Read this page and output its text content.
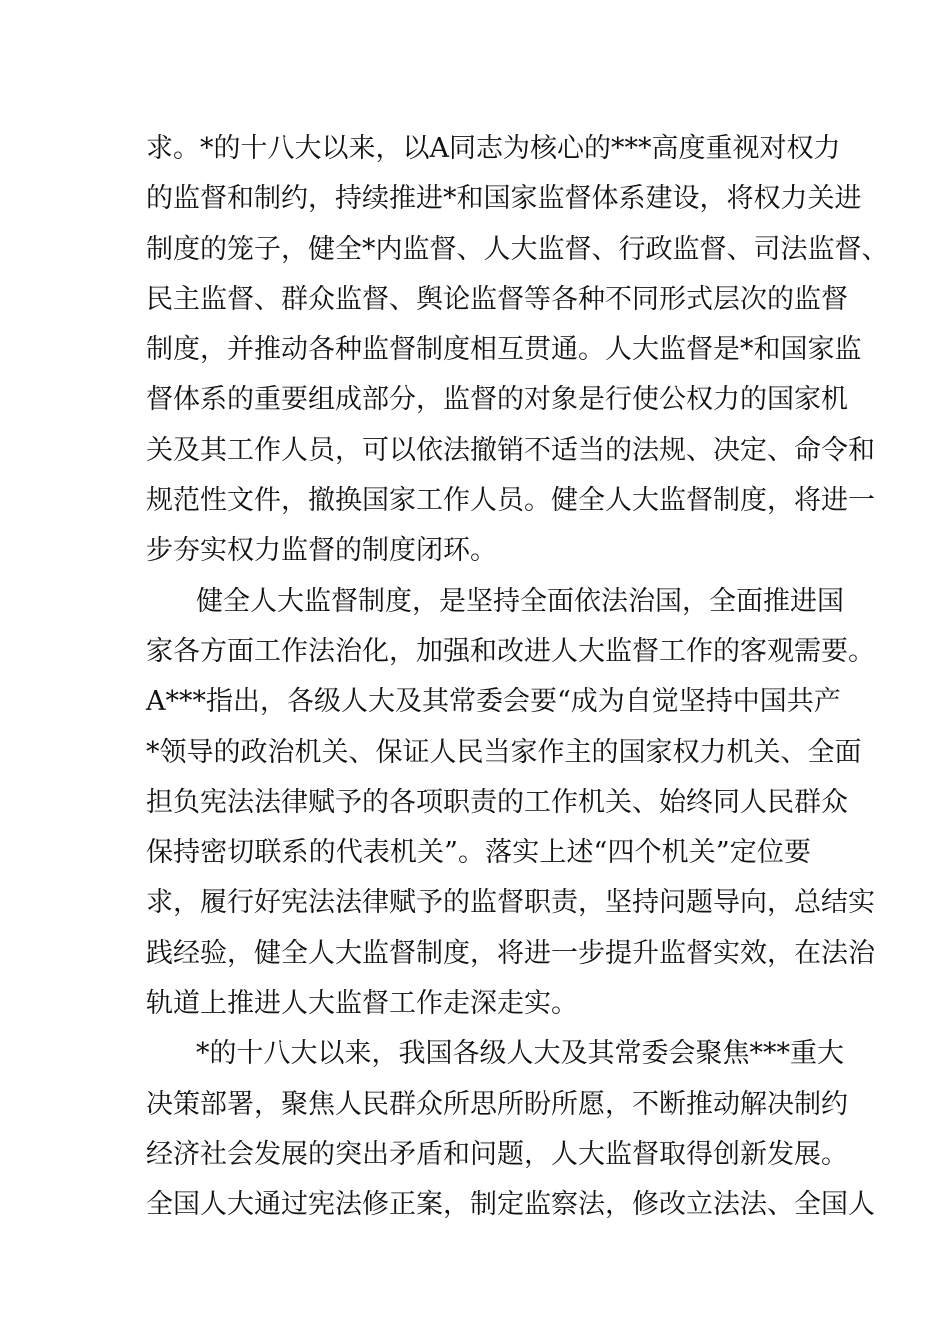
求。*的十八大以来，以A同志为核心的***高度重视对权力
的监督和制约，持续推进*和国家监督体系建设，将权力关进
制度的笼子，健全*内监督、人大监督、行政监督、司法监督、
民主监督、群众监督、舆论监督等各种不同形式层次的监督
制度，并推动各种监督制度相互贯通。人大监督是*和国家监
督体系的重要组成部分，监督的对象是行使公权力的国家机
关及其工作人员，可以依法撤销不适当的法规、决定、命令和
规范性文件，撤换国家工作人员。健全人大监督制度，将进一
步夯实权力监督的制度闭环。
健全人大监督制度，是坚持全面依法治国，全面推进国
家各方面工作法治化，加强和改进人大监督工作的客观需要。
A***指出，各级人大及其常委会要“成为自觉坚持中国共产
*领导的政治机关、保证人民当家作主的国家权力机关、全面
担负宪法法律赋予的各项职责的工作机关、始终同人民群众
保持密切联系的代表机关”。落实上述“四个机关”定位要
求，履行好宪法法律赋予的监督职责，坚持问题导向，总结实
践经验，健全人大监督制度，将进一步提升监督实效，在法治
轨道上推进人大监督工作走深走实。
*的十八大以来，我国各级人大及其常委会聚焦***重大
决策部署，聚焦人民群众所思所盼所愿，不断推动解决制约
经济社会发展的突出矛盾和问题，人大监督取得创新发展。
全国人大通过宪法修正案，制定监察法，修改立法法、全国人
